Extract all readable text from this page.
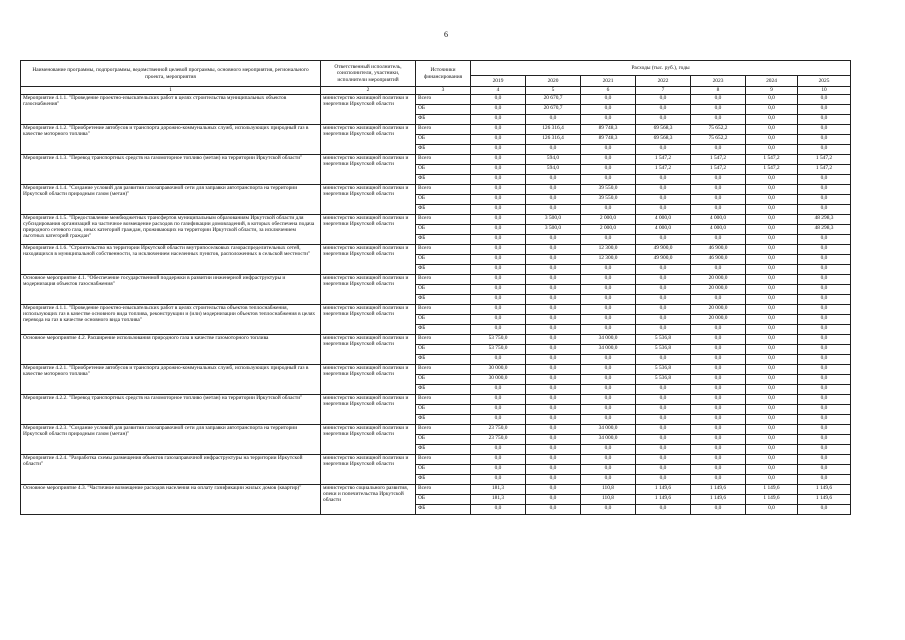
6
Наименование программы, подпрограммы, ведомственной целевой программы, основного мероприятия, регионального проекта, мероприятия	Ответственный исполнитель, соисполнители, участники, исполнители мероприятий	Источники финансирования	Расходы (тыс. руб.), годы						
			2019	2020	2021	2022	2023	2024	2025
1	2	3	4	5	6	7	8	9	10
Мероприятие 4.1.1. "Проведение проектно-изыскательских работ в целях строительства муниципальных объектов газоснабжения"	министерство жилищной политики и энергетики Иркутской области	Всего	0,0	20 670,7	0,0	0,0	0,0	0,0	0,0
		ОБ	0,0	20 670,7	0,0	0,0	0,0	0,0	0,0
		ФБ	0,0	0,0	0,0	0,0	0,0	0,0	0,0
Мероприятие 4.1.2. "Приобретение автобусов и транспорта дорожно-коммунальных служб, использующих природный газ в качестве моторного топлива"	министерство жилищной политики и энергетики Иркутской области	Всего	0,0	126 316,4	89 748,3	69 568,3	75 652,2	0,0	0,0
		ОБ	0,0	126 316,4	89 748,3	69 568,3	75 652,2	0,0	0,0
		ФБ	0,0	0,0	0,0	0,0	0,0	0,0	0,0
Мероприятие 4.1.3. "Перевод транспортных средств на газомоторное топливо (метан) на территории Иркутской области"	министерство жилищной политики и энергетики Иркутской области	Всего	0,0	594,0	0,0	1 547,2	1 547,2	1 547,2	1 547,2
		ОБ	0,0	594,0	0,0	1 547,2	1 547,2	1 547,2	1 547,2
		ФБ	0,0	0,0	0,0	0,0	0,0	0,0	0,0
Мероприятие 4.1.4. "Создание условий для развития газозаправочной сети для заправки автотранспорта на территории Иркутской области природным газом (метан)"	министерство жилищной политики и энергетики Иркутской области	Всего	0,0	0,0	39 550,0	0,0	0,0	0,0	0,0
		ОБ	0,0	0,0	39 550,0	0,0	0,0	0,0	0,0
		ФБ	0,0	0,0	0,0	0,0	0,0	0,0	0,0
Мероприятие 4.1.5. "Предоставление межбюджетных трансфертов муниципальным образованиям Иркутской области для субсидирования организаций на частичное возмещение расходов по газификации домовладений, в которых обеспечена подача природного сетевого газа, иных категорий граждан, проживающих на территории Иркутской области, за исключением льготных категорий граждан"	министерство жилищной политики и энергетики Иркутской области	Всего	0,0	3 500,0	2 000,0	4 000,0	4 000,0	0,0	48 298,3
		ОБ	0,0	3 500,0	2 000,0	4 000,0	4 000,0	0,0	48 298,3
		ФБ	0,0	0,0	0,0	0,0	0,0	0,0	0,0
Мероприятие 4.1.6. "Строительство на территории Иркутской области внутрипоселковых газораспределительных сетей, находящихся в муниципальной собственности, за исключением населенных пунктов, расположенных в сельской местности"	министерство жилищной политики и энергетики Иркутской области	Всего	0,0	0,0	12 300,0	49 900,0	46 900,0	0,0	0,0
		ОБ	0,0	0,0	12 300,0	49 900,0	46 900,0	0,0	0,0
		ФБ	0,0	0,0	0,0	0,0	0,0	0,0	0,0
Основное мероприятие 4.1. "Обеспечение государственной поддержки в развитии инженерной инфраструктуры и модернизация объектов газоснабжения"	министерство жилищной политики и энергетики Иркутской области	Всего	0,0	0,0	0,0	0,0	20 000,0	0,0	0,0
		ОБ	0,0	0,0	0,0	0,0	20 000,0	0,0	0,0
		ФБ	0,0	0,0	0,0	0,0	0,0	0,0	0,0
Мероприятие 4.1.1. "Проведение проектно-изыскательских работ в целях строительства объектов теплоснабжения, использующих газ в качестве основного вида топлива, реконструкции и (или) модернизации объектов теплоснабжения в целях перевода на газ в качестве основного вида топлива"	министерство жилищной политики и энергетики Иркутской области	Всего	0,0	0,0	0,0	0,0	20 000,0	0,0	0,0
		ОБ	0,0	0,0	0,0	0,0	20 000,0	0,0	0,0
		ФБ	0,0	0,0	0,0	0,0	0,0	0,0	0,0
Основное мероприятие 4.2. Расширение использования природного газа в качестве газомоторного топлива	министерство жилищной политики и энергетики Иркутской области	Всего	53 750,0	0,0	34 000,0	5 536,8	0,0	0,0	0,0
		ОБ	53 750,0	0,0	34 000,0	5 536,8	0,0	0,0	0,0
		ФБ	0,0	0,0	0,0	0,0	0,0	0,0	0,0
Мероприятие 4.2.1. "Приобретение автобусов и транспорта дорожно-коммунальных служб, использующих природный газ в качестве моторного топлива"	министерство жилищной политики и энергетики Иркутской области	Всего	30 000,0	0,0	0,0	5 536,8	0,0	0,0	0,0
		ОБ	30 000,0	0,0	0,0	5 536,8	0,0	0,0	0,0
		ФБ	0,0	0,0	0,0	0,0	0,0	0,0	0,0
Мероприятие 4.2.2. "Перевод транспортных средств на газомоторное топливо (метан) на территории Иркутской области"	министерство жилищной политики и энергетики Иркутской области	Всего	0,0	0,0	0,0	0,0	0,0	0,0	0,0
		ОБ	0,0	0,0	0,0	0,0	0,0	0,0	0,0
		ФБ	0,0	0,0	0,0	0,0	0,0	0,0	0,0
Мероприятие 4.2.3. "Создание условий для развития газозаправочной сети для заправки автотранспорта на территории Иркутской области природным газом (метан)"	министерство жилищной политики и энергетики Иркутской области	Всего	23 750,0	0,0	34 000,0	0,0	0,0	0,0	0,0
		ОБ	23 750,0	0,0	34 000,0	0,0	0,0	0,0	0,0
		ФБ	0,0	0,0	0,0	0,0	0,0	0,0	0,0
Мероприятие 4.2.4. "Разработка схемы размещения объектов газозаправочной инфраструктуры на территории Иркутской области"	министерство жилищной политики и энергетики Иркутской области	Всего	0,0	0,0	0,0	0,0	0,0	0,0	0,0
		ОБ	0,0	0,0	0,0	0,0	0,0	0,0	0,0
		ФБ	0,0	0,0	0,0	0,0	0,0	0,0	0,0
Основное мероприятие 4.3. "Частичное возмещение расходов населения на оплату газификации жилых домов (квартир)"	министерство социального развития, опеки и попечительства Иркутской области	Всего	181,3	0,0	110,8	1 149,6	1 149,6	1 149,6	1 149,6
		ОБ	181,3	0,0	110,8	1 149,6	1 149,6	1 149,6	1 149,6
		ФБ	0,0	0,0	0,0	0,0	0,0	0,0	0,0
